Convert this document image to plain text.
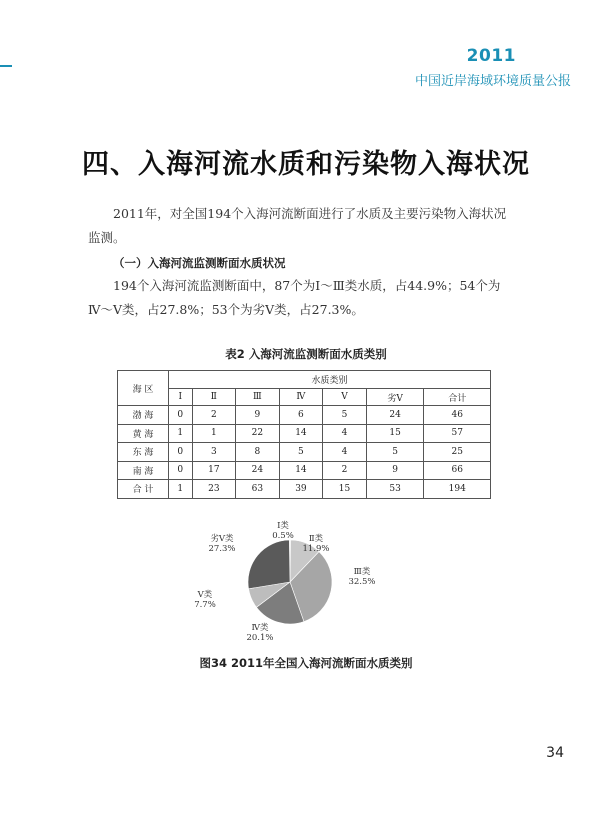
2011
中国近岸海域环境质量公报
四、入海河流水质和污染物入海状况

2011年，对全国194个入海河流断面进行了水质及主要污染物入海状况

监测。
（一）入海河流监测断面水质状况

194个入海河流监测断面中，87个为Ⅰ～Ⅲ类水质，占44.9%；54个为

Ⅳ～Ⅴ类，占27.8%；53个为劣Ⅴ类，占27.3%。
表2 入海河流监测断面水质类别
海 区	水质类别						
	Ⅰ	Ⅱ	Ⅲ	Ⅳ	Ⅴ	劣Ⅴ	合计
渤 海	0	2	9	6	5	24	46
黄 海	1	1	22	14	4	15	57
东 海	0	3	8	5	4	5	25
南 海	0	17	24	14	2	9	66
合 计	1	23	63	39	15	53	194
Ⅰ类
0.5%	Ⅱ类
11.9%
Ⅲ类
32.5%
Ⅳ类
20.1%
Ⅴ类
7.7%
劣Ⅴ类
27.3%
图34 2011年全国入海河流断面水质类别
34
